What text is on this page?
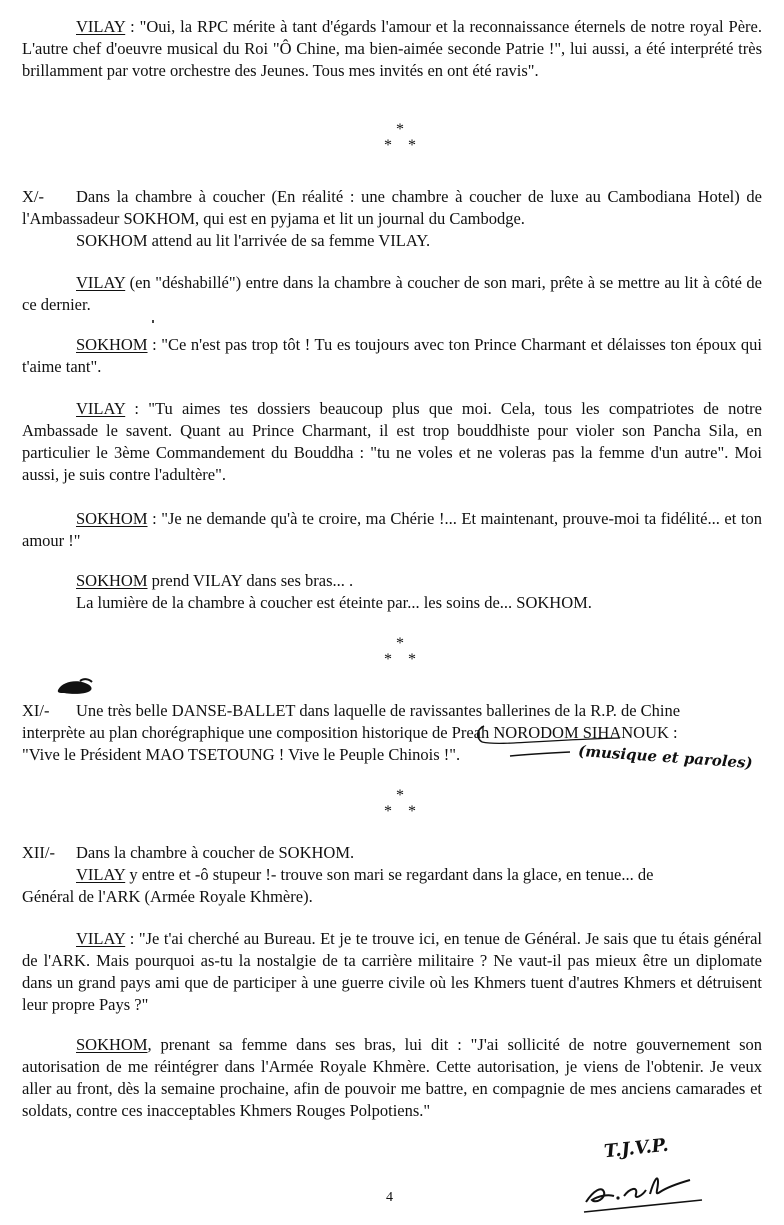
VILAY : "Oui, la RPC mérite à tant d'égards l'amour et la reconnaissance éternels de notre royal Père. L'autre chef d'oeuvre musical du Roi "Ô Chine, ma bien-aimée seconde Patrie !", lui aussi, a été interprété très brillamment par votre orchestre des Jeunes. Tous mes invités en ont été ravis".

*
*    *

X/- Dans la chambre à coucher (En réalité : une chambre à coucher de luxe au Cambodiana Hotel) de l'Ambassadeur SOKHOM, qui est en pyjama et lit un journal du Cambodge.

SOKHOM attend au lit l'arrivée de sa femme VILAY.

VILAY (en "déshabillé") entre dans la chambre à coucher de son mari, prête à se mettre au lit à côté de ce dernier.

SOKHOM : "Ce n'est pas trop tôt ! Tu es toujours avec ton Prince Charmant et délaisses ton époux qui t'aime tant".

VILAY : "Tu aimes tes dossiers beaucoup plus que moi. Cela, tous les compatriotes de notre Ambassade le savent. Quant au Prince Charmant, il est trop bouddhiste pour violer son Pancha Sila, en particulier le 3ème Commandement du Bouddha : "tu ne voles et ne voleras pas la femme d'un autre". Moi aussi, je suis contre l'adultère".

SOKHOM : "Je ne demande qu'à te croire, ma Chérie !... Et maintenant, prouve-moi ta fidélité... et ton amour !"

SOKHOM prend VILAY dans ses bras... .

La lumière de la chambre à coucher est éteinte par... les soins de... SOKHOM.

*
*    *

XI/- Une très belle DANSE-BALLET dans laquelle de ravissantes ballerines de la R.P. de Chine

interprète au plan chorégraphique une composition historique de Preah NORODOM SIHANOUK :

"Vive le Président MAO TSETOUNG ! Vive le Peuple Chinois !".	(musique et paroles)
*
*    *

XII/- Dans la chambre à coucher de SOKHOM.

VILAY y entre et -ô stupeur !- trouve son mari se regardant dans la glace, en tenue... de

Général de l'ARK (Armée Royale Khmère).

VILAY : "Je t'ai cherché au Bureau. Et je te trouve ici, en tenue de Général. Je sais que tu étais général de l'ARK. Mais pourquoi as-tu la nostalgie de ta carrière militaire ? Ne vaut-il pas mieux être un diplomate dans un grand pays ami que de participer à une guerre civile où les Khmers tuent d'autres Khmers et détruisent leur propre Pays ?"

SOKHOM, prenant sa femme dans ses bras, lui dit : "J'ai sollicité de notre gouvernement son autorisation de me réintégrer dans l'Armée Royale Khmère. Cette autorisation, je viens de l'obtenir. Je veux aller au front, dès la semaine prochaine, afin de pouvoir me battre, en compagnie de mes anciens camarades et soldats, contre ces inacceptables Khmers Rouges Polpotiens."

T.J.V.P.
4
